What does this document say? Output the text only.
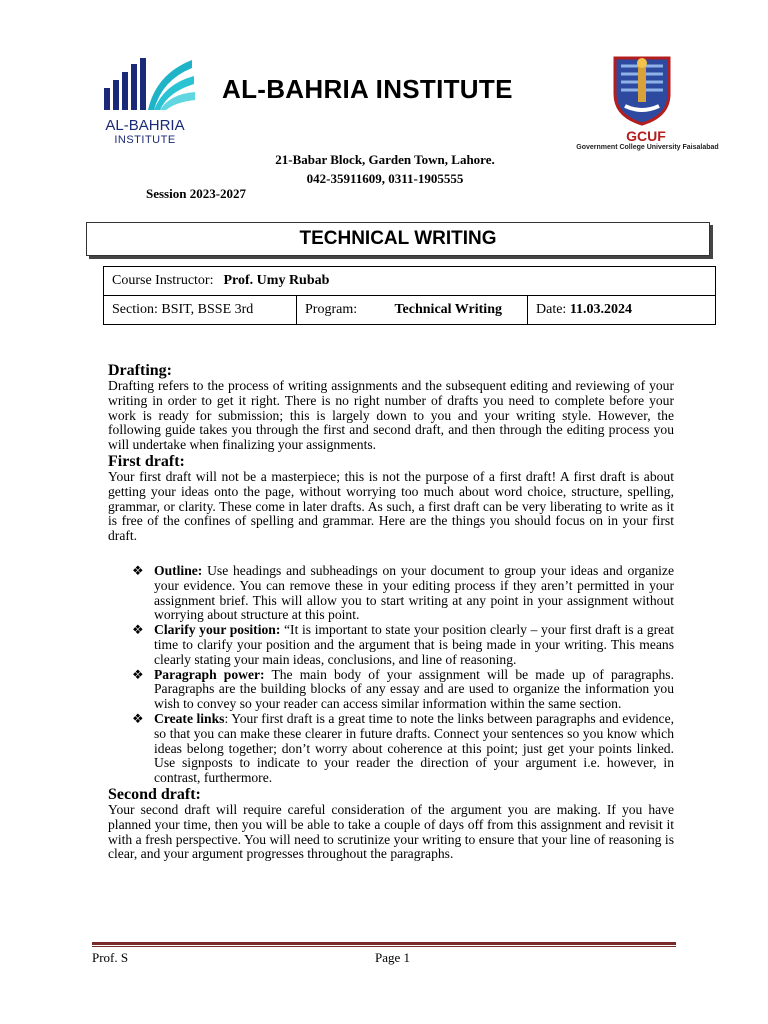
AL-BAHRIA
INSTITUTE
AL-BAHRIA INSTITUTE
GCUF
Government College University Faisalabad
21-Babar Block, Garden Town, Lahore.
042-35911609, 0311-1905555
Session 2023-2027
TECHNICAL WRITING
Course Instructor: Prof. Umy Rubab
Section: BSIT, BSSE 3rd	Program:	Technical Writing	Date: 11.03.2024
Drafting:

Drafting refers to the process of writing assignments and the subsequent editing and reviewing of your writing in order to get it right. There is no right number of drafts you need to complete before your work is ready for submission; this is largely down to you and your writing style. However, the following guide takes you through the first and second draft, and then through the editing process you will undertake when finalizing your assignments.

First draft:

Your first draft will not be a masterpiece; this is not the purpose of a first draft! A first draft is about getting your ideas onto the page, without worrying too much about word choice, structure, spelling, grammar, or clarity. These come in later drafts. As such, a first draft can be very liberating to write as it is free of the confines of spelling and grammar. Here are the things you should focus on in your first draft.

❖ Outline: Use headings and subheadings on your document to group your ideas and organize your evidence. You can remove these in your editing process if they aren’t permitted in your assignment brief. This will allow you to start writing at any point in your assignment without worrying about structure at this point.
❖ Clarify your position: “It is important to state your position clearly – your first draft is a great time to clarify your position and the argument that is being made in your writing. This means clearly stating your main ideas, conclusions, and line of reasoning.
❖ Paragraph power: The main body of your assignment will be made up of paragraphs. Paragraphs are the building blocks of any essay and are used to organize the information you wish to convey so your reader can access similar information within the same section.
❖ Create links: Your first draft is a great time to note the links between paragraphs and evidence, so that you can make these clearer in future drafts. Connect your sentences so you know which ideas belong together; don’t worry about coherence at this point; just get your points linked. Use signposts to indicate to your reader the direction of your argument i.e. however, in contrast, furthermore.
Second draft:

Your second draft will require careful consideration of the argument you are making. If you have planned your time, then you will be able to take a couple of days off from this assignment and revisit it with a fresh perspective. You will need to scrutinize your writing to ensure that your line of reasoning is clear, and your argument progresses throughout the paragraphs.

Prof. S	Page 1
